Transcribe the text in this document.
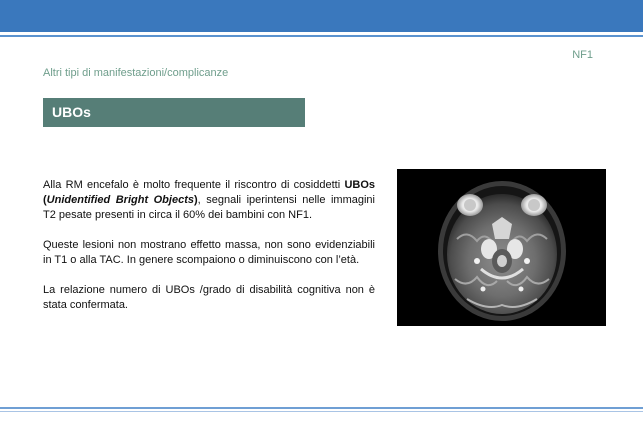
NF1
Altri tipi di manifestazioni/complicanze
UBOs

Alla RM encefalo è molto frequente il riscontro di cosiddetti UBOs (Unidentified Bright Objects), segnali iperintensi nelle immagini T2 pesate presenti in circa il 60% dei bambini con NF1.

Queste lesioni non mostrano effetto massa, non sono evidenziabili in T1 o alla TAC. In genere scompaiono o diminuiscono con l’età.

La relazione numero di UBOs /grado di disabilità cognitiva non è stata confermata.
